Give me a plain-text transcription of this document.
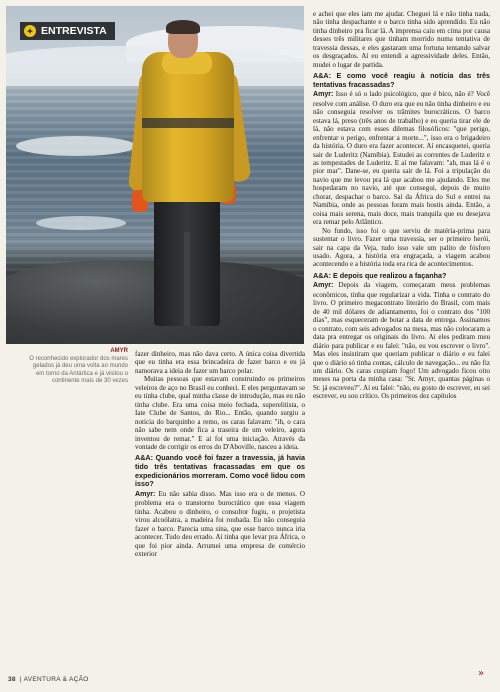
✦ ENTREVISTA
AMYR
O reconhecido explorador dos mares gelados já deu uma volta ao mundo em torno da Antártica e já visitou o continente mais de 30 vezes

fazer dinheiro, mas não dava certo. A única coisa divertida que eu tinha era essa brincadeira de fazer barco e eu já namorava a ideia de fazer um barco polar.

Muitas pessoas que estavam construindo os primeiros veleiros de aço no Brasil eu conheci. E eles perguntavam se eu tinha clube, qual minha classe de introdução, mas eu não tinha clube. Era uma coisa meio fechada, superelitista, o Iate Clube de Santos, do Rio... Então, quando surgiu a notícia do barquinho a remo, os caras falavam: "ih, o cara não sabe nem onde fica a traseira de um veleiro, agora inventou de remar." E aí foi uma iniciação. Através da vontade de corrigir os erros do D'Aboville, nasceu a ideia.

A&A: Quando você foi fazer a travessia, já havia tido três tentativas fracassadas em que os expedicionários morreram. Como você lidou com isso?

Amyr: Eu não sabia disso. Mas isso era o de menos. O problema era o transtorno burocrático que essa viagem tinha. Acabou o dinheiro, o consultor fugiu, o projetista virou alcoólatra, a madeira foi roubada. Eu não conseguia fazer o barco. Parecia uma sina, que esse barco nunca iria acontecer. Tudo deu errado. Aí tinha que levar pra África, o que foi pior ainda. Arrumei uma empresa de comércio exterior

e achei que eles iam me ajudar. Cheguei lá e não tinha nada, não tinha despachante e o barco tinha sido aprendido. Eu não tinha dinheiro pra ficar lá. A imprensa caiu em cima por causa desses três militares que tinham morrido numa tentativa de travessia dessas, e eles gastaram uma fortuna tentando salvar os desgraçados. Aí eu entendi a agressividade deles. Então, mudei o lugar de partida.

A&A: E como você reagiu à notícia das três tentativas fracassadas?

Amyr: Isso é só o lado psicológico, que é bico, não é? Você resolve com análise. O duro era que eu não tinha dinheiro e eu não conseguia resolver os trâmites burocráticos. O barco estava lá, preso (três anos de trabalho) e eu queria tirar ele de lá, não estava com esses dilemas filosóficos: "que perigo, enfrentar o perigo, enfrentar a morte...", isso era o brigadeiro da história. O duro era fazer acontecer. Aí encasquetei, queria sair de Luderitz (Namíbia). Estudei as correntes de Luderitz e as tempestades de Luderitz. E aí me falavam: "ah, mas lá é o pior mar". Dane-se, eu queria sair de lá. Foi a tripulação do navio que me levou pra lá que acabou me ajudando. Eles me hospedaram no navio, até que consegui, depois de muito chorar, despachar o barco. Saí da África do Sul e entrei na Namíbia, onde as pessoas foram mais hostis ainda. Então, a coisa mais serena, mais doce, mais tranquila que eu desejava era remar pelo Atlântico.

No fundo, isso foi o que serviu de matéria-prima para sustentar o livro. Fazer uma travessia, ser o primeiro herói, sair na capa da Veja, tudo isso vale um palito de fósforo usado. Agora, a história era engraçada, a viagem acabou acontecendo e a história toda era rica de acontecimentos.

A&A: E depois que realizou a façanha?

Amyr: Depois da viagem, começaram meus problemas econômicos, tinha que regularizar a vida. Tinha o contrato do livro. O primeiro megacontrato literário do Brasil, com mais de 40 mil dólares de adiantamento, foi o contrato dos "100 dias", mas esqueceram de botar a data de entrega. Assinamos o contrato, com seis advogados na mesa, mas não colocaram a data pra entregar os originais do livro. Aí eles pediram meu diário para publicar e eu falei: "não, eu vou escrever o livro". Mas eles insistiram que queriam publicar o diário e eu falei que o diário só tinha contas, cálculo de navegação... eu não fiz um diário. Os caras cuspiam fogo! Um advogado ficou oito meses na porta da minha casa: "Sr. Amyr, quantas páginas o Sr. já escreveu?". Aí eu falei: "não, eu gosto de escrever, eu sei escrever, eu sou crítico. Os primeiros dez capítulos

38 | AVENTURA & AÇÃO
»
